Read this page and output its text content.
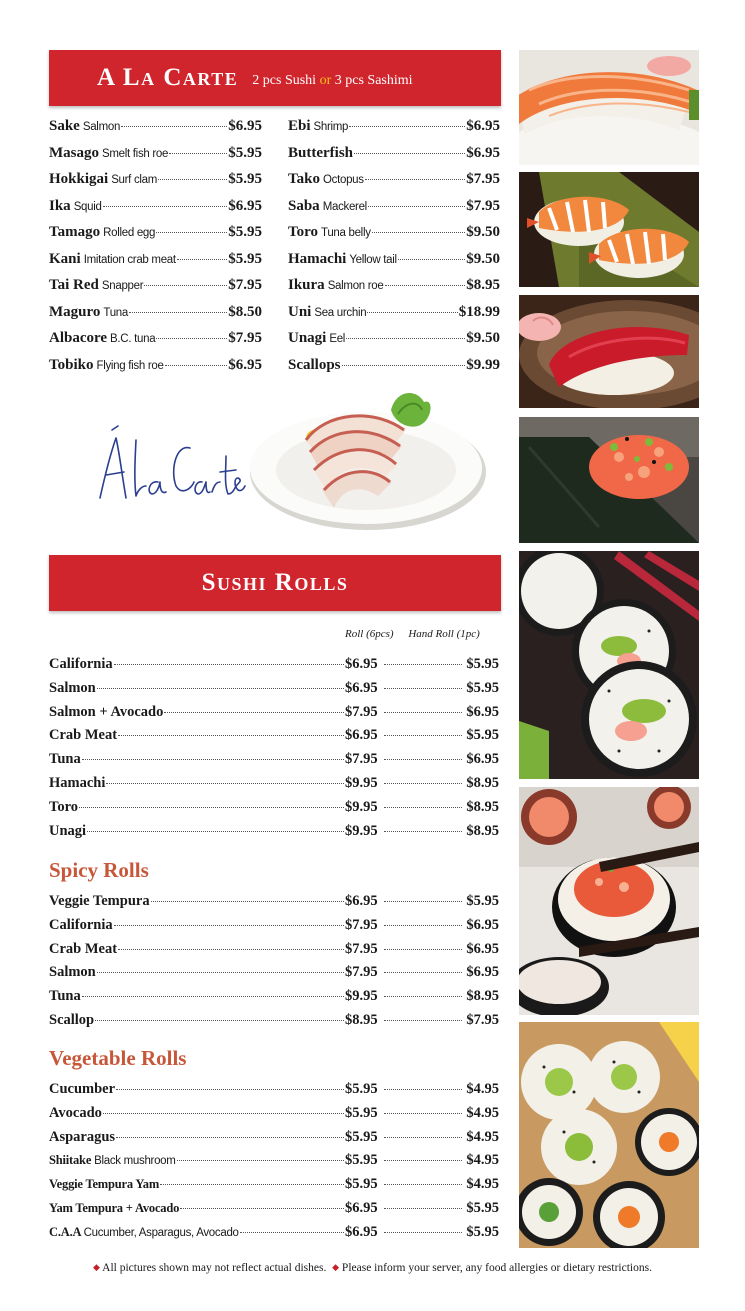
A La Carte 2 pcs Sushi or 3 pcs Sashimi
Sake Salmon	$6.95
Masago Smelt fish roe	$5.95
Hokkigai Surf clam	$5.95
Ika Squid	$6.95
Tamago Rolled egg	$5.95
Kani Imitation crab meat	$5.95
Tai Red Snapper	$7.95
Maguro Tuna	$8.50
Albacore B.C. tuna	$7.95
Tobiko Flying fish roe	$6.95
Ebi Shrimp	$6.95
Butterfish	$6.95
Tako Octopus	$7.95
Saba Mackerel	$7.95
Toro Tuna belly	$9.50
Hamachi Yellow tail	$9.50
Ikura Salmon roe	$8.95
Uni Sea urchin	$18.99
Unagi Eel	$9.50
Scallops	$9.99
Sushi Rolls
Roll (6pcs) Hand Roll (1pc)
California	$6.95	$5.95
Salmon	$6.95	$5.95
Salmon + Avocado	$7.95	$6.95
Crab Meat	$6.95	$5.95
Tuna	$7.95	$6.95
Hamachi	$9.95	$8.95
Toro	$9.95	$8.95
Unagi	$9.95	$8.95
Spicy Rolls
Veggie Tempura	$6.95	$5.95
California	$7.95	$6.95
Crab Meat	$7.95	$6.95
Salmon	$7.95	$6.95
Tuna	$9.95	$8.95
Scallop	$8.95	$7.95
Vegetable Rolls
Cucumber	$5.95	$4.95
Avocado	$5.95	$4.95
Asparagus	$5.95	$4.95
Shiitake Black mushroom	$5.95	$4.95
Veggie Tempura Yam	$5.95	$4.95
Yam Tempura + Avocado	$6.95	$5.95
C.A.A Cucumber, Asparagus, Avocado	$6.95	$5.95
◆ All pictures shown may not reflect actual dishes. ◆ Please inform your server, any food allergies or dietary restrictions.
